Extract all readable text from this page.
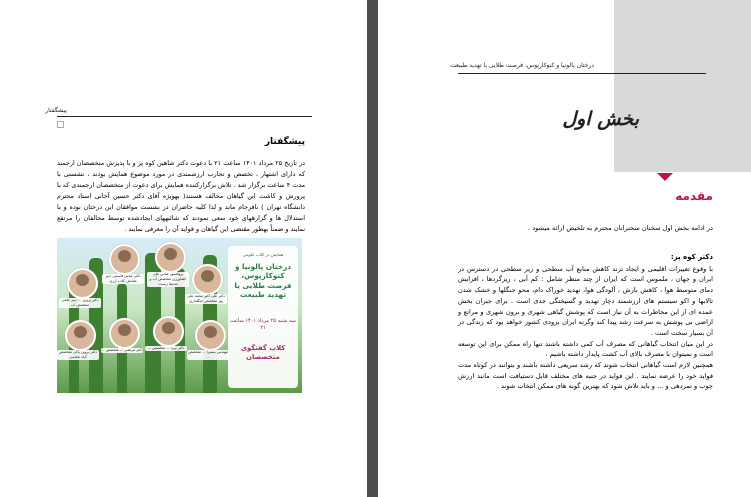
پیشگفتار
پیشگفتار

در تاریخ ۲۵ مرداد ۱۴۰۱ ساعت ۲۱ با دعوت دکتر شاهین کوه پز و با پذیرش متخصصان ارجمند که دارای اشتهار ، تخصص و تجارب ارزشمندی در مورد موضوع همایش بودند ، نشستی با مدت ۴ ساعت برگزار شد . تلاش برگزارکننده همایش برای دعوت از متخصصان ارجمندی که با پرورش و کاشت این گیاهان مخالف هستند( بهویژه آقای دکتر حسین آخانی استاد محترم دانشگاه تهران ) نافرجام ماند و لذا کلیه حاضران در نشست موافقان این درختان بوده و با استدلال ها و گزارههای خود سعی نمودند که شائبههای ایجادشده توسط مخالفان را مرتفع نمایند و ضمناً بهطور مقتضی این گیاهان و فواید آن را معرفی نمایند .

دکتر عباس قاسمی دبیر همایش کلاب آرزی
پروفسور عباس علی کشاورزی متخصص آب و محیط زیست
دکتر پروین ... دبیر علمی متخصص آب
دکتر علی اکبر محمد علی پور متخصص جنگلداری
دکتر پروین پاکی متخصص گیاه شناسی
دکتر مرتضی ... متخصص ...	دکتر نیره ... متخصص ...
مهندس سمیرا ... متخصص ...
همایش در کلاب علومی
درختان پالونیا و کنوکارپوس، فرصت طلایی یا تهدید طبیعت
سه شنبه ۲۵ مرداد ۱۴۰۱ ساعت ۲۱
کلاب گفتگوی متخصصان
درختان پالونیا و کنوکارپوس، فرصت طلایی یا تهدید طبیعت
بخش اول
مقدمه
در ادامه بخش اول سخنان سخنرانان محترم به تلخیص ارائه میشود .
دکتر کوه پز:

با وقوع تغییرات اقلیمی و ایجاد ترند کاهش منابع آب سطحی و زیر سطحی در دسترس در ایران و جهان ، ملموس است که ایران از چند منظر شامل : کم آبی ، ریزگردها ، افزایش دمای متوسط هوا ، کاهش بارش ، آلودگی هوا، تهدید خوراک دام، محو جنگلها و خشک شدن تالابها و اکو سیستم های ارزشمند دچار تهدید و گسیختگی جدی است . برای جبران بخش عمده ای از این مخاطرات به آن نیاز است که پوشش گیاهی شهری و برون شهری و مراتع و اراضی بی پوشش به سرعت رشد پیدا کند وگرنه ایران بزودی کشور خواهد بود که زندگی در آن بسیار سخت است .

در این میان انتخاب گیاهانی که مصرف آب کمی داشته باشند تنها راه ممکن برای این توسعه است و نمیتوان با مصرف بالای آب کشت پایدار داشته باشیم .

همچنین لازم است گیاهانی انتخاب شوند که رشد سریعی داشته باشند و بتوانند در کوتاه مدت فواید خود را عرضه نمایند . این فواید در جنبه های مختلف قابل دستیافت است مانند ارزش چوب و تمردهی و ... و باید تلاش شود که بهترین گونه های ممکن انتخاب شوند .
